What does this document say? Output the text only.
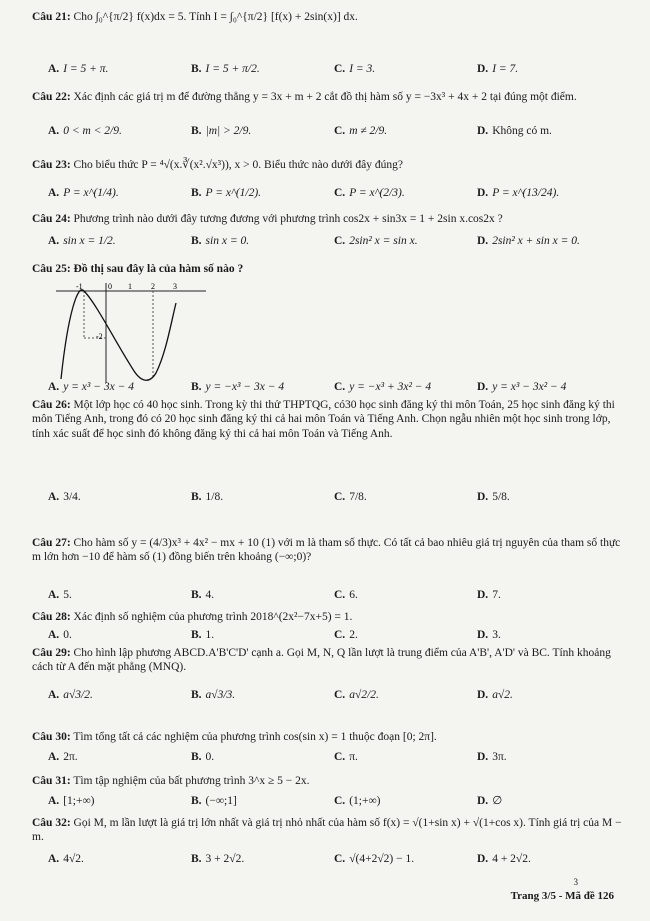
Câu 21: Cho ∫₀^{π/2} f(x)dx = 5. Tính I = ∫₀^{π/2} [f(x) + 2sin(x)] dx.
A. I = 5 + π.	B. I = 5 + π/2.	C. I = 3.	D. I = 7.
Câu 22: Xác định các giá trị m để đường thẳng y = 3x + m + 2 cắt đồ thị hàm số y = −3x³ + 4x + 2 tại đúng một điểm.
A. 0 < m < 2/9.	B. |m| > 2/9.	C. m ≠ 2/9.	D. Không có m.
Câu 23: Cho biểu thức P = ⁴√(x.∛(x².√x³)), x > 0. Biểu thức nào dưới đây đúng?
A. P = x^(1/4).	B. P = x^(1/2).	C. P = x^(2/3).	D. P = x^(13/24).
Câu 24: Phương trình nào dưới đây tương đương với phương trình cos2x + sin3x = 1 + 2sin x.cos2x ?
A. sin x = 1/2.	B. sin x = 0.	C. 2sin² x = sin x.	D. 2sin² x + sin x = 0.
Câu 25: Đồ thị sau đây là của hàm số nào ?
-1	0 1 2 3
-2
A. y = x³ − 3x − 4	B. y = −x³ − 3x − 4	C. y = −x³ + 3x² − 4	D. y = x³ − 3x² − 4
Câu 26: Một lớp học có 40 học sinh. Trong kỳ thi thử THPTQG, có30 học sinh đăng ký thi môn Toán, 25 học sinh đăng ký thi môn Tiếng Anh, trong đó có 20 học sinh đăng ký thi cả hai môn Toán và Tiếng Anh. Chọn ngẫu nhiên một học sinh trong lớp, tính xác suất để học sinh đó không đăng ký thi cả hai môn Toán và Tiếng Anh.
A. 3/4.	B. 1/8.	C. 7/8.	D. 5/8.
Câu 27: Cho hàm số y = (4/3)x³ + 4x² − mx + 10 (1) với m là tham số thực. Có tất cả bao nhiêu giá trị nguyên của tham số thực m lớn hơn −10 để hàm số (1) đồng biến trên khoảng (−∞;0)?
A. 5.	B. 4.	C. 6.	D. 7.
Câu 28: Xác định số nghiệm của phương trình 2018^(2x²−7x+5) = 1.
A. 0.	B. 1.	C. 2.	D. 3.
Câu 29: Cho hình lập phương ABCD.A'B'C'D' cạnh a. Gọi M, N, Q lần lượt là trung điểm của A'B', A'D' và BC. Tính khoảng cách từ A đến mặt phẳng (MNQ).
A. a√3/2.	B. a√3/3.	C. a√2/2.	D. a√2.
Câu 30: Tìm tổng tất cả các nghiệm của phương trình cos(sin x) = 1 thuộc đoạn [0; 2π].
A. 2π.	B. 0.	C. π.	D. 3π.
Câu 31: Tìm tập nghiệm của bất phương trình 3^x ≥ 5 − 2x.
A. [1;+∞)	B. (−∞;1]	C. (1;+∞)	D. ∅
Câu 32: Gọi M, m lần lượt là giá trị lớn nhất và giá trị nhỏ nhất của hàm số f(x) = √(1+sin x) + √(1+cos x). Tính giá trị của M − m.
A. 4√2.	B. 3 + 2√2.	C. √(4+2√2) − 1.	D. 4 + 2√2.
3
Trang 3/5 - Mã đề 126
